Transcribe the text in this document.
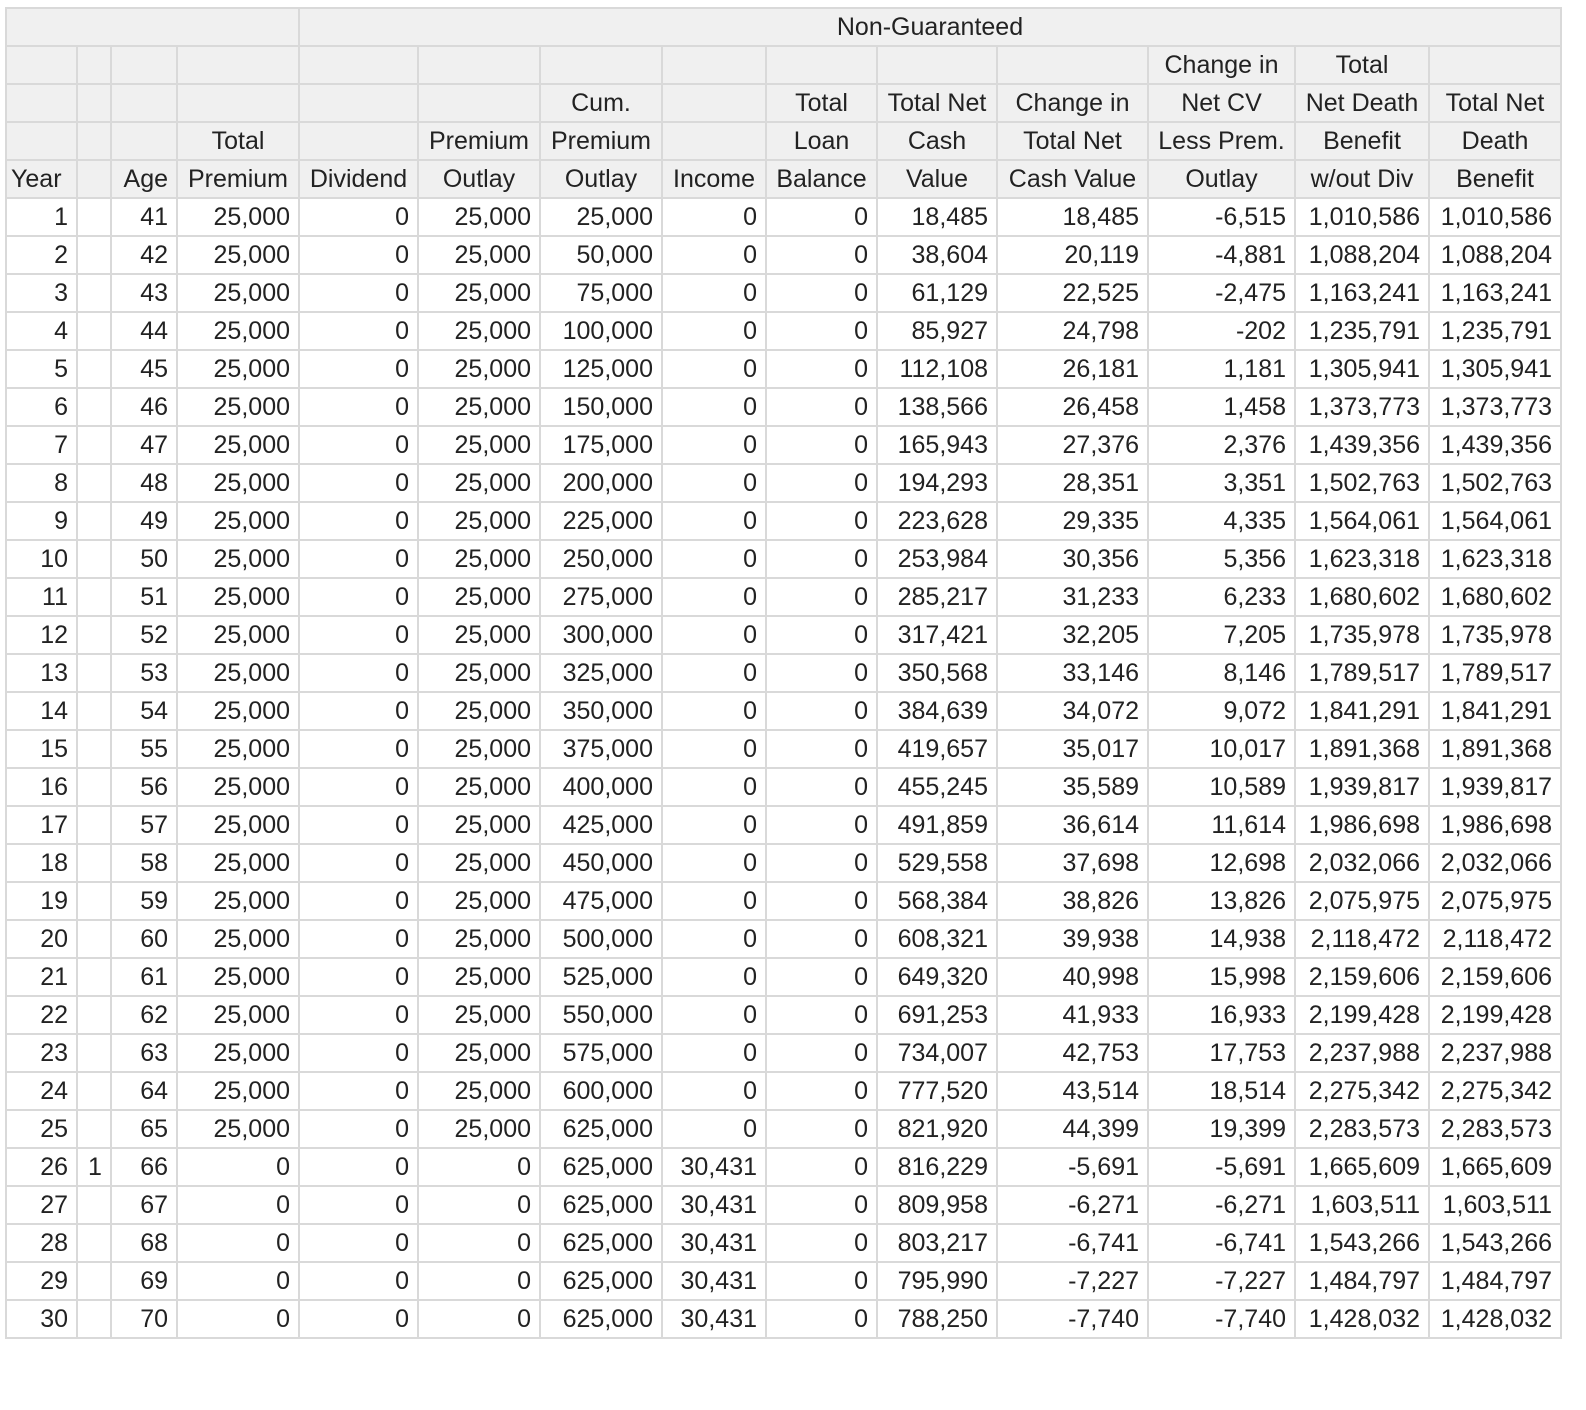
				Non-Guaranteed									
											Change in	Total	
						Cum.		Total	Total Net	Change in	Net CV	Net Death	Total Net
			Total		Premium	Premium		Loan	Cash	Total Net	Less Prem.	Benefit	Death
Year		Age	Premium	Dividend	Outlay	Outlay	Income	Balance	Value	Cash Value	Outlay	w/out Div	Benefit
1		41	25,000	0	25,000	25,000	0	0	18,485	18,485	-6,515	1,010,586	1,010,586
2		42	25,000	0	25,000	50,000	0	0	38,604	20,119	-4,881	1,088,204	1,088,204
3		43	25,000	0	25,000	75,000	0	0	61,129	22,525	-2,475	1,163,241	1,163,241
4		44	25,000	0	25,000	100,000	0	0	85,927	24,798	-202	1,235,791	1,235,791
5		45	25,000	0	25,000	125,000	0	0	112,108	26,181	1,181	1,305,941	1,305,941
6		46	25,000	0	25,000	150,000	0	0	138,566	26,458	1,458	1,373,773	1,373,773
7		47	25,000	0	25,000	175,000	0	0	165,943	27,376	2,376	1,439,356	1,439,356
8		48	25,000	0	25,000	200,000	0	0	194,293	28,351	3,351	1,502,763	1,502,763
9		49	25,000	0	25,000	225,000	0	0	223,628	29,335	4,335	1,564,061	1,564,061
10		50	25,000	0	25,000	250,000	0	0	253,984	30,356	5,356	1,623,318	1,623,318
11		51	25,000	0	25,000	275,000	0	0	285,217	31,233	6,233	1,680,602	1,680,602
12		52	25,000	0	25,000	300,000	0	0	317,421	32,205	7,205	1,735,978	1,735,978
13		53	25,000	0	25,000	325,000	0	0	350,568	33,146	8,146	1,789,517	1,789,517
14		54	25,000	0	25,000	350,000	0	0	384,639	34,072	9,072	1,841,291	1,841,291
15		55	25,000	0	25,000	375,000	0	0	419,657	35,017	10,017	1,891,368	1,891,368
16		56	25,000	0	25,000	400,000	0	0	455,245	35,589	10,589	1,939,817	1,939,817
17		57	25,000	0	25,000	425,000	0	0	491,859	36,614	11,614	1,986,698	1,986,698
18		58	25,000	0	25,000	450,000	0	0	529,558	37,698	12,698	2,032,066	2,032,066
19		59	25,000	0	25,000	475,000	0	0	568,384	38,826	13,826	2,075,975	2,075,975
20		60	25,000	0	25,000	500,000	0	0	608,321	39,938	14,938	2,118,472	2,118,472
21		61	25,000	0	25,000	525,000	0	0	649,320	40,998	15,998	2,159,606	2,159,606
22		62	25,000	0	25,000	550,000	0	0	691,253	41,933	16,933	2,199,428	2,199,428
23		63	25,000	0	25,000	575,000	0	0	734,007	42,753	17,753	2,237,988	2,237,988
24		64	25,000	0	25,000	600,000	0	0	777,520	43,514	18,514	2,275,342	2,275,342
25		65	25,000	0	25,000	625,000	0	0	821,920	44,399	19,399	2,283,573	2,283,573
26	1	66	0	0	0	625,000	30,431	0	816,229	-5,691	-5,691	1,665,609	1,665,609
27		67	0	0	0	625,000	30,431	0	809,958	-6,271	-6,271	1,603,511	1,603,511
28		68	0	0	0	625,000	30,431	0	803,217	-6,741	-6,741	1,543,266	1,543,266
29		69	0	0	0	625,000	30,431	0	795,990	-7,227	-7,227	1,484,797	1,484,797
30		70	0	0	0	625,000	30,431	0	788,250	-7,740	-7,740	1,428,032	1,428,032
